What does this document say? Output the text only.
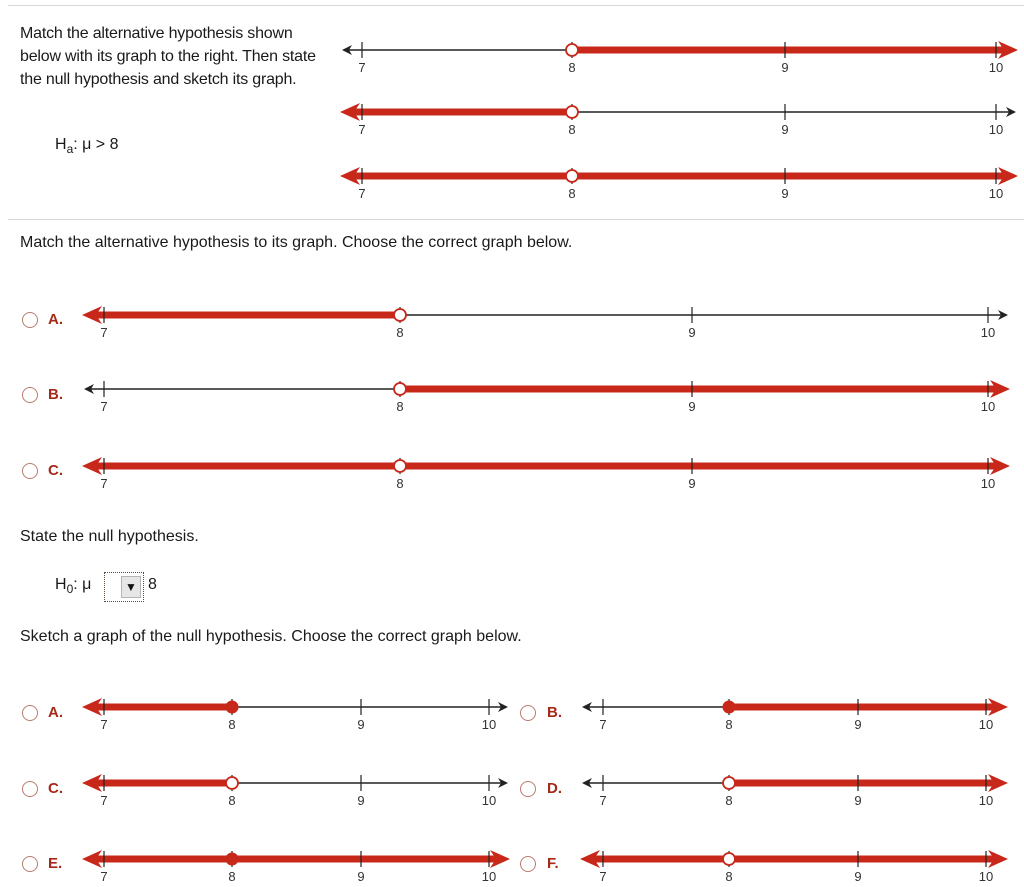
Match the alternative hypothesis shown below with its graph to the right. Then state the null hypothesis and sketch its graph.
$H_a$: μ > 8
7	8	9	10
7	8	9	10
7	8	9	10
Match the alternative hypothesis to its graph. Choose the correct graph below.
A.
7	8	9	10
B.
7	8	9	10
C.
7	8	9	10
State the null hypothesis.
$H_0$: μ	▼ 8
Sketch a graph of the null hypothesis. Choose the correct graph below.
A.
7	8	9	10
B.
7	8	9	10
C.
7	8	9	10
D.
7	8	9	10
E.
7	8	9	10
F.
7	8	9	10
